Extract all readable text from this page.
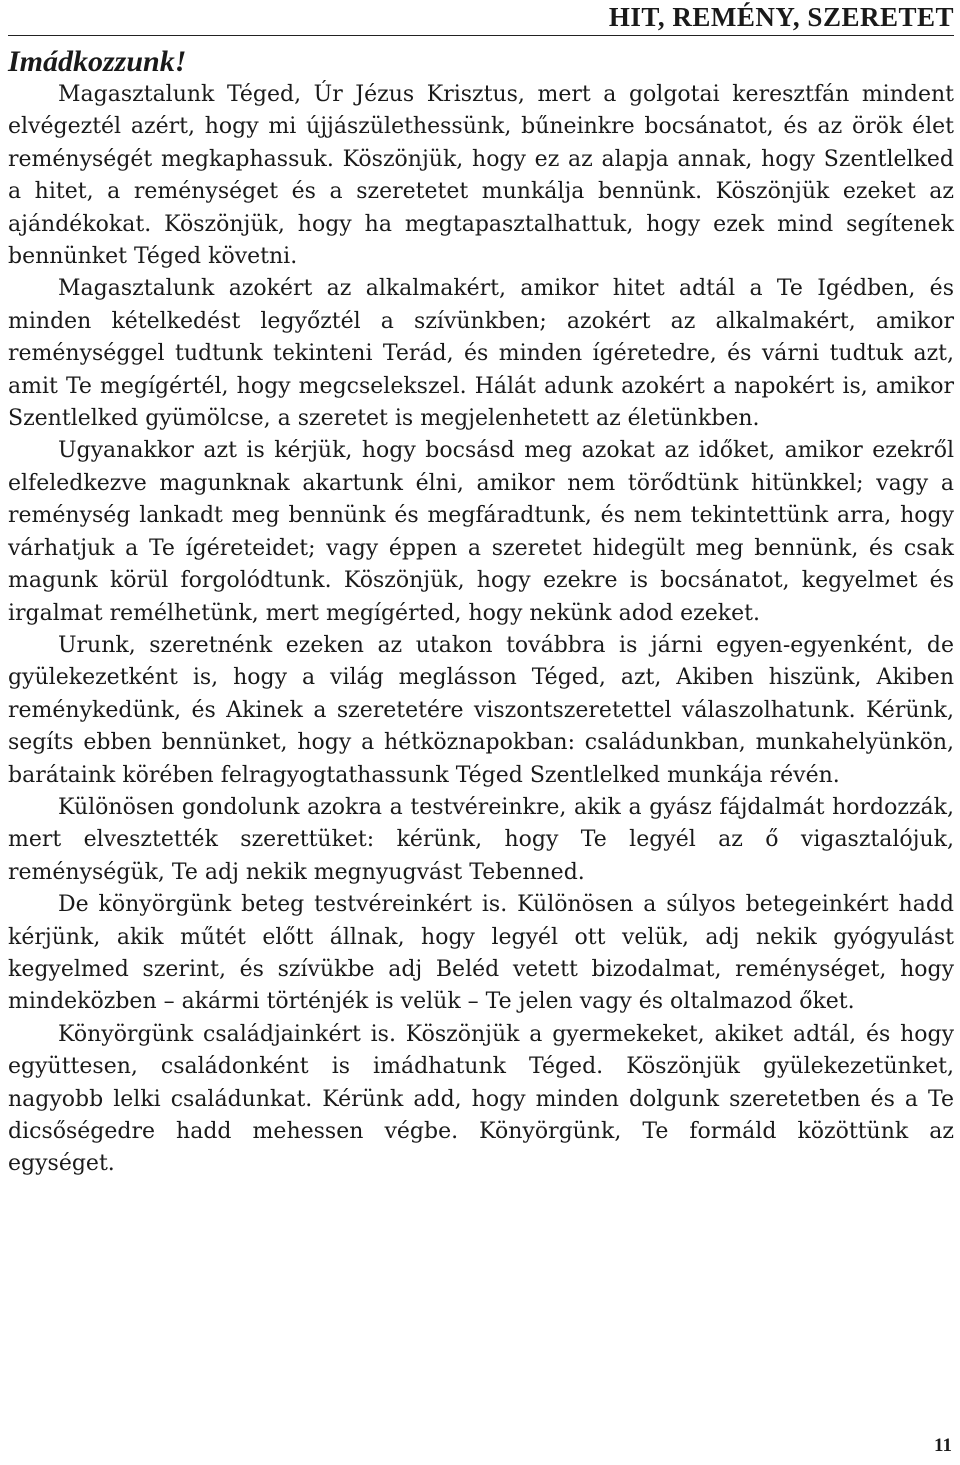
HIT, REMÉNY, SZERETET
Imádkozzunk!

Magasztalunk Téged, Úr Jézus Krisztus, mert a golgotai keresztfán mindent elvégeztél azért, hogy mi újjászülethessünk, bűneinkre bocsánatot, és az örök élet reménységét megkaphassuk. Köszönjük, hogy ez az alapja annak, hogy Szentlelked a hitet, a reménységet és a szeretetet munkálja bennünk. Köszönjük ezeket az ajándékokat. Köszönjük, hogy ha megtapasztalhattuk, hogy ezek mind segítenek bennünket Téged követni.

Magasztalunk azokért az alkalmakért, amikor hitet adtál a Te Igédben, és minden kételkedést legyőztél a szívünkben; azokért az alkalmakért, amikor reménységgel tudtunk tekinteni Terád, és minden ígéretedre, és várni tudtuk azt, amit Te megígértél, hogy megcselekszel. Hálát adunk azokért a napokért is, amikor Szentlelked gyümölcse, a szeretet is megjelenhetett az életünkben.

Ugyanakkor azt is kérjük, hogy bocsásd meg azokat az időket, amikor ezekről elfeledkezve magunknak akartunk élni, amikor nem törődtünk hitünkkel; vagy a reménység lankadt meg bennünk és megfáradtunk, és nem tekintettünk arra, hogy várhatjuk a Te ígéreteidet; vagy éppen a szeretet hidegült meg bennünk, és csak magunk körül forgolódtunk. Köszönjük, hogy ezekre is bocsánatot, kegyelmet és irgalmat remélhetünk, mert megígérted, hogy nekünk adod ezeket.

Urunk, szeretnénk ezeken az utakon továbbra is járni egyen-egyenként, de gyülekezetként is, hogy a világ meglásson Téged, azt, Akiben hiszünk, Akiben reménykedünk, és Akinek a szeretetére viszontszeretettel válaszolhatunk. Kérünk, segíts ebben bennünket, hogy a hétköznapokban: családunkban, munkahelyünkön, barátaink körében felragyogtathassunk Téged Szentlelked munkája révén.

Különösen gondolunk azokra a testvéreinkre, akik a gyász fájdalmát hordozzák, mert elvesztették szerettüket: kérünk, hogy Te legyél az ő vigasztalójuk, reménységük, Te adj nekik megnyugvást Tebenned.

De könyörgünk beteg testvéreinkért is. Különösen a súlyos betegeinkért hadd kérjünk, akik műtét előtt állnak, hogy legyél ott velük, adj nekik gyógyulást kegyelmed szerint, és szívükbe adj Beléd vetett bizodalmat, reménységet, hogy mindeközben – akármi történjék is velük – Te jelen vagy és oltalmazod őket.

Könyörgünk családjainkért is. Köszönjük a gyermekeket, akiket adtál, és hogy együttesen, családonként is imádhatunk Téged. Köszönjük gyülekezetünket, nagyobb lelki családunkat. Kérünk add, hogy minden dolgunk szeretetben és a Te dicsőségedre hadd mehessen végbe. Könyörgünk, Te formáld közöttünk az egységet.

11
